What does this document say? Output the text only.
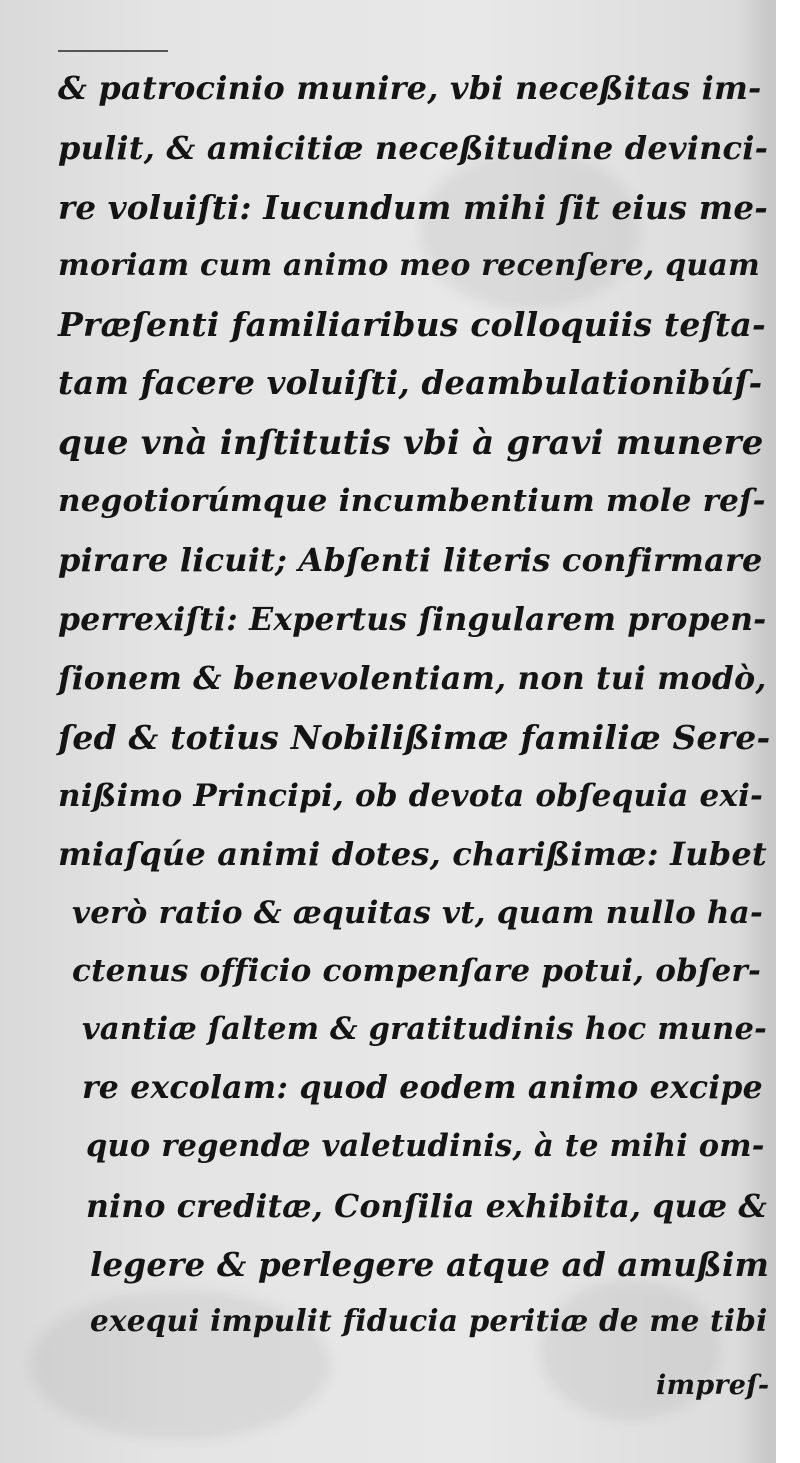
& patrocinio munire, vbi neceßitas im-
pulit, & amicitiæ neceßitudine devinci-
re voluiſti: Iucundum mihi ſit eius me-
moriam cum animo meo recenſere, quam
Præſenti familiaribus colloquiis teſta-
tam facere voluiſti, deambulationibúſ-
que vnà inſtitutis vbi à gravi munere
negotiorúmque incumbentium mole reſ-
pirare licuit; Abſenti literis confirmare
perrexiſti: Expertus ſingularem propen-
ſionem & benevolentiam, non tui modò,
ſed & totius Nobilißimæ familiæ Sere-
nißimo Principi, ob devota obſequia exi-
miaſqúe animi dotes, charißimæ: Iubet
verò ratio & æquitas vt, quam nullo ha-
ctenus officio compenſare potui, obſer-
vantiæ ſaltem & gratitudinis hoc mune-
re excolam: quod eodem animo excipe
quo regendæ valetudinis, à te mihi om-
nino creditæ, Conſilia exhibita, quæ &
legere & perlegere atque ad amußim
exequi impulit fiducia peritiæ de me tibi
impreſ-
